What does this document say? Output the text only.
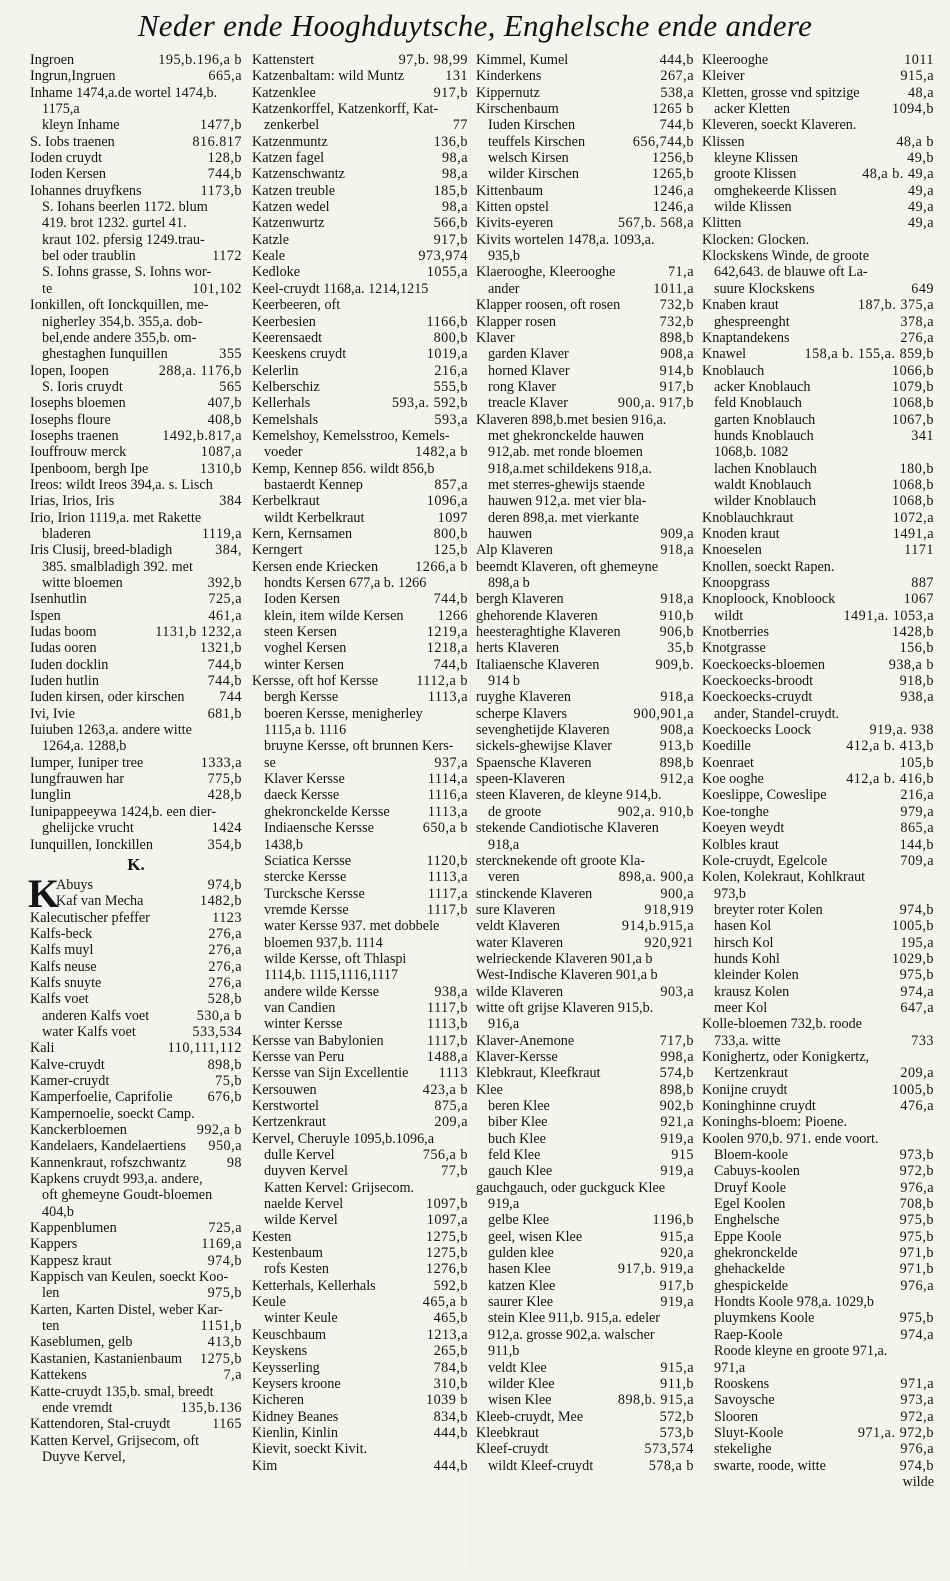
Neder ende Hooghduytsche, Enghelsche ende andere
Ingroen	195,b.196,a b
Ingrun,Ingruen	665,a
Inhame 1474,a.de wortel 1474,b.
1175,a
kleyn Inhame	1477,b
S. Iobs traenen	816.817
Ioden cruydt	128,b
Ioden Kersen	744,b
Iohannes druyfkens	1173,b
S. Iohans beerlen 1172. blum
419. brot 1232. gurtel 41.
kraut 102. pfersig 1249.trau-
bel oder traublin	1172
S. Iohns grasse, S. Iohns wor-
te	101,102
Ionkillen, oft Ionckquillen, me-
nigherley 354,b. 355,a. dob-
bel,ende andere 355,b. om-
ghestaghen Iunquillen	355
Iopen, Ioopen	288,a. 1176,b
S. Ioris cruydt	565
Iosephs bloemen	407,b
Iosephs floure	408,b
Iosephs traenen	1492,b.817,a
Iouffrouw merck	1087,a
Ipenboom, bergh Ipe	1310,b
Ireos: wildt Ireos 394,a. s. Lisch
Irias, Irios, Iris	384
Irio, Irion 1119,a. met Rakette
bladeren	1119,a
Iris Clusij, breed-bladigh	384,
385. smalbladigh 392. met
witte bloemen	392,b
Isenhutlin	725,a
Ispen	461,a
Iudas boom	1131,b 1232,a
Iudas ooren	1321,b
Iuden docklin	744,b
Iuden hutlin	744,b
Iuden kirsen, oder kirschen 744
Ivi, Ivie	681,b
Iuiuben 1263,a. andere witte
1264,a. 1288,b
Iumper, Iuniper tree	1333,a
Iungfrauwen har	775,b
Iunglin	428,b
Iunipappeeywa 1424,b. een dier-
ghelijcke vrucht	1424
Iunquillen, Ionckillen	354,b
K.
K
Abuys	974,b
Kaf van Mecha	1482,b
Kalecutischer pfeffer	1123
Kalfs-beck	276,a
Kalfs muyl	276,a
Kalfs neuse	276,a
Kalfs snuyte	276,a
Kalfs voet	528,b
anderen Kalfs voet	530,a b
water Kalfs voet	533,534
Kali	110,111,112
Kalve-cruydt	898,b
Kamer-cruydt	75,b
Kamperfoelie, Caprifolie 676,b
Kampernoelie, soeckt Camp.
Kanckerbloemen	992,a b
Kandelaers, Kandelaertiens 950,a
Kannenkraut, rofszchwantz	98
Kapkens cruydt 993,a. andere,
oft ghemeyne Goudt-bloemen
404,b
Kappenblumen	725,a
Kappers	1169,a
Kappesz kraut	974,b
Kappisch van Keulen, soeckt Koo-
len	975,b
Karten, Karten Distel, weber Kar-
ten	1151,b
Kaseblumen, gelb	413,b
Kastanien, Kastanienbaum 1275,b
Kattekens	7,a
Katte-cruydt 135,b. smal, breedt
ende vremdt	135,b.136
Kattendoren, Stal-cruydt	1165
Katten Kervel, Grijsecom, oft
Duyve Kervel,
Kattenstert	97,b. 98,99
Katzenbaltam: wild Muntz	131
Katzenklee	917,b
Katzenkorffel, Katzenkorff, Kat-
zenkerbel	77
Katzenmuntz	136,b
Katzen fagel	98,a
Katzenschwantz	98,a
Katzen treuble	185,b
Katzen wedel	98,a
Katzenwurtz	566,b
Katzle	917,b
Keale	973,974
Kedloke	1055,a
Keel-cruydt 1168,a. 1214,1215
Keerbeeren, oft
Keerbesien	1166,b
Keerensaedt	800,b
Keeskens cruydt	1019,a
Kelerlin	216,a
Kelberschiz	555,b
Kellerhals	593,a. 592,b
Kemelshals	593,a
Kemelshoy, Kemelsstroo, Kemels-
voeder	1482,a b
Kemp, Kennep 856. wildt 856,b
bastaerdt Kennep	857,a
Kerbelkraut	1096,a
wildt Kerbelkraut	1097
Kern, Kernsamen	800,b
Kerngert	125,b
Kersen ende Kriecken	1266,a b
hondts Kersen 677,a b. 1266
Ioden Kersen	744,b
klein, item wilde Kersen 1266
steen Kersen	1219,a
voghel Kersen	1218,a
winter Kersen	744,b
Kersse, oft hof Kersse	1112,a b
bergh Kersse	1113,a
boeren Kersse, menigherley
1115,a b. 1116
bruyne Kersse, oft brunnen Kers-
se	937,a
Klaver Kersse	1114,a
daeck Kersse	1116,a
ghekronckelde Kersse	1113,a
Indiaensche Kersse	650,a b
1438,b
Sciatica Kersse	1120,b
stercke Kersse	1113,a
Turcksche Kersse	1117,a
vremde Kersse	1117,b
water Kersse 937. met dobbele
bloemen 937,b. 1114
wilde Kersse, oft Thlaspi
1114,b. 1115,1116,1117
andere wilde Kersse	938,a
van Candien	1117,b
winter Kersse	1113,b
Kersse van Babylonien	1117,b
Kersse van Peru	1488,a
Kersse van Sijn Excellentie 1113
Kersouwen	423,a b
Kerstwortel	875,a
Kertzenkraut	209,a
Kervel, Cheruyle 1095,b.1096,a
dulle Kervel	756,a b
duyven Kervel	77,b
Katten Kervel: Grijsecom.
naelde Kervel	1097,b
wilde Kervel	1097,a
Kesten	1275,b
Kestenbaum	1275,b
rofs Kesten	1276,b
Ketterhals, Kellerhals	592,b
Keule	465,a b
winter Keule	465,b
Keuschbaum	1213,a
Keyskens	265,b
Keysserling	784,b
Keysers kroone	310,b
Kicheren	1039 b
Kidney Beanes	834,b
Kienlin, Kinlin	444,b
Kievit, soeckt Kivit.
Kim	444,b
Kimmel, Kumel	444,b
Kinderkens	267,a
Kippernutz	538,a
Kirschenbaum	1265 b
Iuden Kirschen	744,b
teuffels Kirschen	656,744,b
welsch Kirsen	1256,b
wilder Kirschen	1265,b
Kittenbaum	1246,a
Kitten opstel	1246,a
Kivits-eyeren	567,b. 568,a
Kivits wortelen 1478,a. 1093,a.
935,b
Klaerooghe, Kleerooghe	71,a
ander	1011,a
Klapper roosen, oft rosen	732,b
Klapper rosen	732,b
Klaver	898,b
garden Klaver	908,a
horned Klaver	914,b
rong Klaver	917,b
treacle Klaver	900,a. 917,b
Klaveren 898,b.met besien 916,a.
met ghekronckelde hauwen
912,ab. met ronde bloemen
918,a.met schildekens 918,a.
met sterres-ghewijs staende
hauwen 912,a. met vier bla-
deren 898,a. met vierkante
hauwen	909,a
Alp Klaveren	918,a
beemdt Klaveren, oft ghemeyne
898,a b
bergh Klaveren	918,a
ghehorende Klaveren	910,b
heesteraghtighe Klaveren	906,b
herts Klaveren	35,b
Italiaensche Klaveren	909,b.
914 b
ruyghe Klaveren	918,a
scherpe Klavers	900,901,a
sevenghetijde Klaveren	908,a
sickels-ghewijse Klaver	913,b
Spaensche Klaveren	898,b
speen-Klaveren	912,a
steen Klaveren, de kleyne 914,b.
de groote	902,a. 910,b
stekende Candiotische Klaveren
918,a
stercknekende oft groote Kla-
veren	898,a. 900,a
stinckende Klaveren	900,a
sure Klaveren	918,919
veldt Klaveren	914,b.915,a
water Klaveren	920,921
welrieckende Klaveren 901,a b
West-Indische Klaveren 901,a b
wilde Klaveren	903,a
witte oft grijse Klaveren 915,b.
916,a
Klaver-Anemone	717,b
Klaver-Kersse	998,a
Klebkraut, Kleefkraut	574,b
Klee	898,b
beren Klee	902,b
biber Klee	921,a
buch Klee	919,a
feld Klee	915
gauch Klee	919,a
gauchgauch, oder guckguck Klee
919,a
gelbe Klee	1196,b
geel, wisen Klee	915,a
gulden klee	920,a
hasen Klee	917,b. 919,a
katzen Klee	917,b
saurer Klee	919,a
stein Klee 911,b. 915,a. edeler
912,a. grosse 902,a. walscher
911,b
veldt Klee	915,a
wilder Klee	911,b
wisen Klee	898,b. 915,a
Kleeb-cruydt, Mee	572,b
Kleebkraut	573,b
Kleef-cruydt	573,574
wildt Kleef-cruydt	578,a b
Kleerooghe	1011
Kleiver	915,a
Kletten, grosse vnd spitzige	48,a
acker Kletten	1094,b
Kleveren, soeckt Klaveren.
Klissen	48,a b
kleyne Klissen	49,b
groote Klissen	48,a b. 49,a
omghekeerde Klissen	49,a
wilde Klissen	49,a
Klitten	49,a
Klocken: Glocken.
Klockskens Winde, de groote
642,643. de blauwe oft La-
suure Klockskens	649
Knaben kraut	187,b. 375,a
ghespreenght	378,a
Knaptandekens	276,a
Knawel	158,a b. 155,a. 859,b
Knoblauch	1066,b
acker Knoblauch	1079,b
feld Knoblauch	1068,b
garten Knoblauch	1067,b
hunds Knoblauch	341
1068,b. 1082
lachen Knoblauch	180,b
waldt Knoblauch	1068,b
wilder Knoblauch	1068,b
Knoblauchkraut	1072,a
Knoden kraut	1491,a
Knoeselen	1171
Knollen, soeckt Rapen.
Knoopgrass	887
Knoploock, Knobloock	1067
wildt	1491,a. 1053,a
Knotberries	1428,b
Knotgrasse	156,b
Koeckoecks-bloemen	938,a b
Koeckoecks-broodt	918,b
Koeckoecks-cruydt	938,a
ander, Standel-cruydt.
Koeckoecks Loock	919,a. 938
Koedille	412,a b. 413,b
Koenraet	105,b
Koe ooghe	412,a b. 416,b
Koeslippe, Coweslipe	216,a
Koe-tonghe	979,a
Koeyen weydt	865,a
Kolbles kraut	144,b
Kole-cruydt, Egelcole	709,a
Kolen, Kolekraut, Kohlkraut
973,b
breyter roter Kolen	974,b
hasen Kol	1005,b
hirsch Kol	195,a
hunds Kohl	1029,b
kleinder Kolen	975,b
krausz Kolen	974,a
meer Kol	647,a
Kolle-bloemen 732,b. roode
733,a. witte	733
Konighertz, oder Konigkertz,
Kertzenkraut	209,a
Konijne cruydt	1005,b
Koninghinne cruydt	476,a
Koninghs-bloem: Pioene.
Koolen 970,b. 971. ende voort.
Bloem-koole	973,b
Cabuys-koolen	972,b
Druyf Koole	976,a
Egel Koolen	708,b
Enghelsche	975,b
Eppe Koole	975,b
ghekronckelde	971,b
ghehackelde	971,b
ghespickelde	976,a
Hondts Koole 978,a. 1029,b
pluymkens Koole	975,b
Raep-Koole	974,a
Roode kleyne en groote 971,a.
971,a
Rooskens	971,a
Savoysche	973,a
Slooren	972,a
Sluyt-Koole	971,a. 972,b
stekelighe	976,a
swarte, roode, witte	974,b
wilde
